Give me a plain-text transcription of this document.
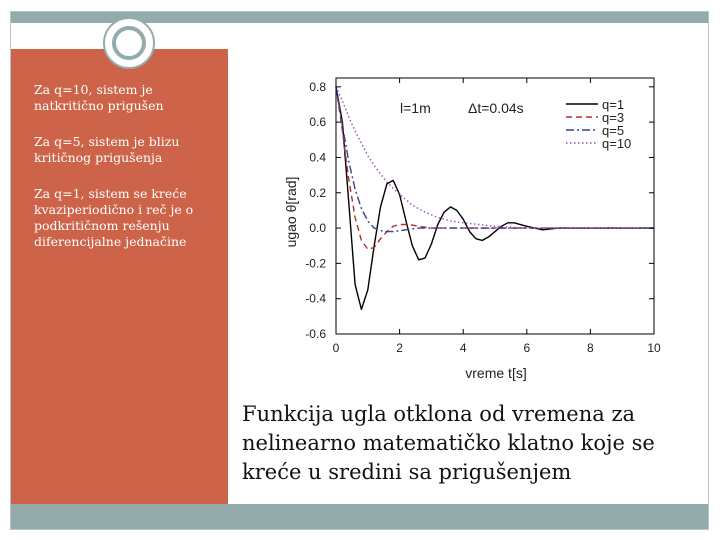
Za q=10, sistem je natkritično prigušen
Za q=5, sistem je blizu kritičnog prigušenja
Za q=1, sistem se kreće kvaziperiodično i reč je o podkritičnom rešenju diferencijalne jednačine
0	2	4	6	8	10
-0.6
-0.4
-0.2
0.0
0.2
0.4
0.6
0.8
l=1m	Δt=0.04s
vreme t[s]
ugao θ[rad]
q=1
q=3
q=5
q=10
Funkcija ugla otklona od vremena za nelinearno matematičko klatno koje se kreće u sredini sa prigušenjem
